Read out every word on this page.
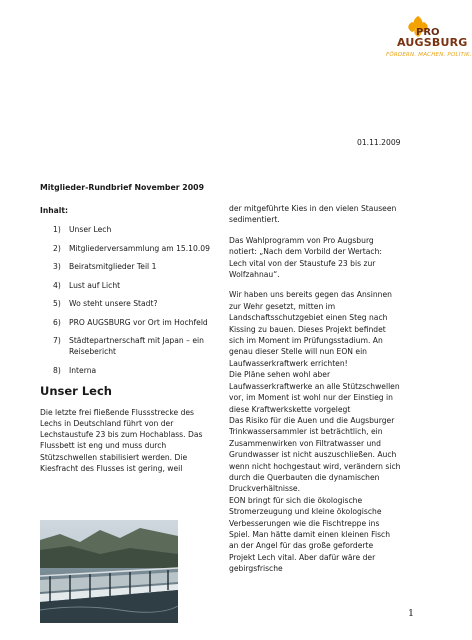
PRO
AUGSBURG
FÖRDERN. MACHEN. POLITIK.
01.11.2009
Mitglieder-Rundbrief November 2009
Inhalt:
1)	Unser Lech
2)	Mitgliederversammlung am 15.10.09
3)	Beiratsmitglieder Teil 1
4)	Lust auf Licht
5)	Wo steht unsere Stadt?
6)	PRO AUGSBURG vor Ort im Hochfeld
7)	Städtepartnerschaft mit Japan – ein Reisebericht
8)	Interna
Unser Lech

Die letzte frei fließende Flussstrecke des Lechs in Deutschland führt von der Lechstaustufe 23 bis zum Hochablass. Das Flussbett ist eng und muss durch Stützschwellen stabilisiert werden. Die Kiesfracht des Flusses ist gering, weil

der mitgeführte Kies in den vielen Stauseen sedimentiert.

Das Wahlprogramm von Pro Augsburg notiert: „Nach dem Vorbild der Wertach: Lech vital von der Staustufe 23 bis zur Wolfzahnau“.

Wir haben uns bereits gegen das Ansinnen zur Wehr gesetzt, mitten im Landschaftsschutzgebiet einen Steg nach Kissing zu bauen. Dieses Projekt befindet sich im Moment im Prüfungsstadium. An genau dieser Stelle will nun EON ein Laufwasserkraftwerk errichten!

Die Pläne sehen wohl aber Laufwasserkraftwerke an alle Stützschwellen vor, im Moment ist wohl nur der Einstieg in diese Kraftwerkskette vorgelegt

Das Risiko für die Auen und die Augsburger Trinkwassersammler ist beträchtlich, ein Zusammenwirken von Filtratwasser und Grundwasser ist nicht auszuschließen. Auch wenn nicht hochgestaut wird, verändern sich durch die Querbauten die dynamischen Druckverhältnisse.

EON bringt für sich die ökologische Stromerzeugung und kleine ökologische Verbesserungen wie die Fischtreppe ins Spiel. Man hätte damit einen kleinen Fisch an der Angel für das große geforderte Projekt Lech vital. Aber dafür wäre der gebirgsfrische

1
